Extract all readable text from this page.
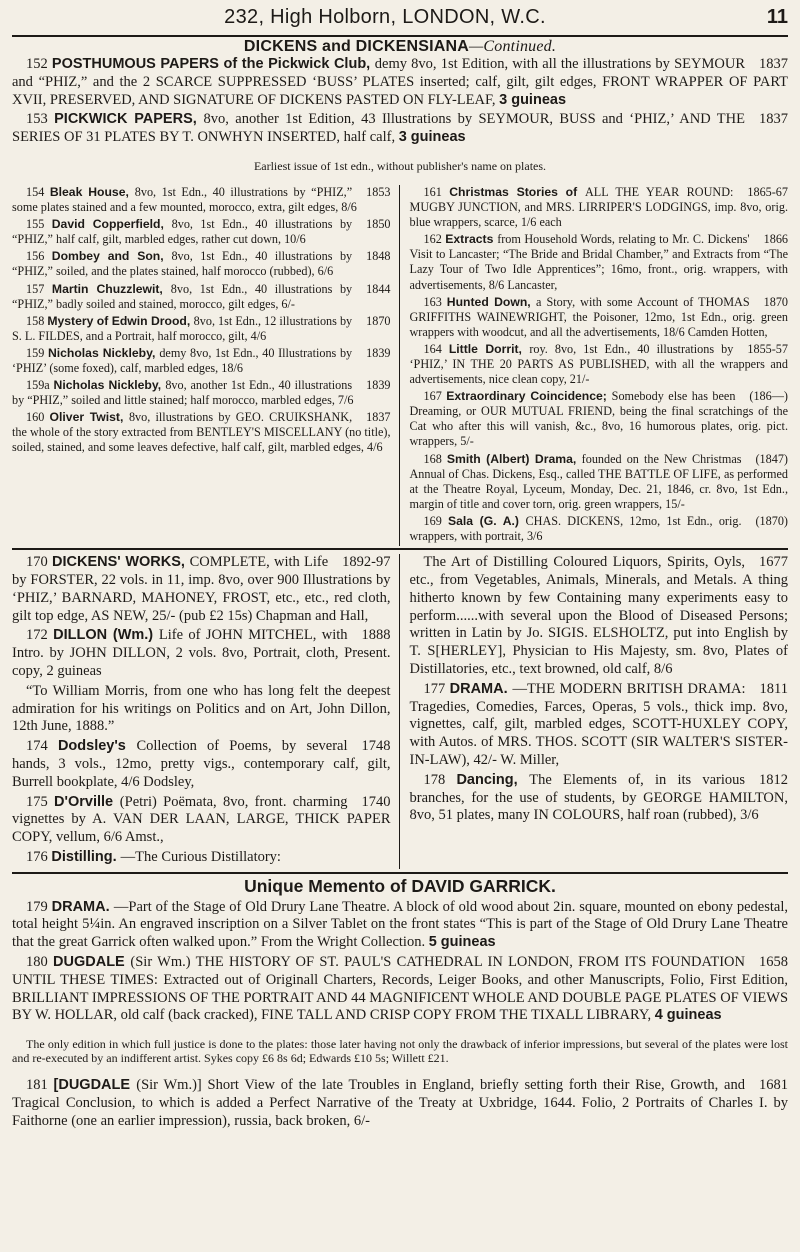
232, High Holborn, LONDON, W.C.	11
DICKENS and DICKENSIANA—Continued.

1837
152 POSTHUMOUS PAPERS of the Pickwick Club, demy 8vo, 1st Edition, with all the illustrations by SEYMOUR and “PHIZ,” and the 2 SCARCE SUPPRESSED ‘BUSS’ PLATES inserted; calf, gilt, gilt edges, FRONT WRAPPER OF PART XVII, PRESERVED, AND SIGNATURE OF DICKENS PASTED ON FLY-LEAF, 3 guineas

1837
153 PICKWICK PAPERS, 8vo, another 1st Edition, 43 Illustrations by SEYMOUR, BUSS and ‘PHIZ,’ AND THE SERIES OF 31 PLATES BY T. ONWHYN INSERTED, half calf, 3 guineas

Earliest issue of 1st edn., without publisher's name on plates.

1853
154 Bleak House, 8vo, 1st Edn., 40 illustrations by “PHIZ,” some plates stained and a few mounted, morocco, extra, gilt edges, 8/6

1850
155 David Copperfield, 8vo, 1st Edn., 40 illustrations by “PHIZ,” half calf, gilt, marbled edges, rather cut down, 10/6

1848
156 Dombey and Son, 8vo, 1st Edn., 40 illustrations by “PHIZ,” soiled, and the plates stained, half morocco (rubbed), 6/6

1844
157 Martin Chuzzlewit, 8vo, 1st Edn., 40 illustrations by “PHIZ,” badly soiled and stained, morocco, gilt edges, 6/-

1870
158 Mystery of Edwin Drood, 8vo, 1st Edn., 12 illustrations by S. L. FILDES, and a Portrait, half morocco, gilt, 4/6

1839
159 Nicholas Nickleby, demy 8vo, 1st Edn., 40 Illustrations by ‘PHIZ’ (some foxed), calf, marbled edges, 18/6

1839
159a Nicholas Nickleby, 8vo, another 1st Edn., 40 illustrations by “PHIZ,” soiled and little stained; half morocco, marbled edges, 7/6

1837
160 Oliver Twist, 8vo, illustrations by GEO. CRUIKSHANK, the whole of the story extracted from BENTLEY'S MISCELLANY (no title), soiled, stained, and some leaves defective, half calf, gilt, marbled edges, 4/6

1865-67
161 Christmas Stories of ALL THE YEAR ROUND: MUGBY JUNCTION, and MRS. LIRRIPER'S LODGINGS, imp. 8vo, orig. blue wrappers, scarce, 1/6 each

1866
162 Extracts from Household Words, relating to Mr. C. Dickens' Visit to Lancaster; “The Bride and Bridal Chamber,” and Extracts from “The Lazy Tour of Two Idle Apprentices”; 16mo, front., orig. wrappers, with advertisements, 8/6 Lancaster,

1870
163 Hunted Down, a Story, with some Account of THOMAS GRIFFITHS WAINEWRIGHT, the Poisoner, 12mo, 1st Edn., orig. green wrappers with woodcut, and all the advertisements, 18/6 Camden Hotten,

1855-57
164 Little Dorrit, roy. 8vo, 1st Edn., 40 illustrations by ‘PHIZ,’ IN THE 20 PARTS AS PUBLISHED, with all the wrappers and advertisements, nice clean copy, 21/-

(186—)
167 Extraordinary Coincidence; Somebody else has been Dreaming, or OUR MUTUAL FRIEND, being the final scratchings of the Cat who after this will vanish, &c., 8vo, 16 humorous plates, orig. pict. wrappers, 5/-

(1847)
168 Smith (Albert) Drama, founded on the New Christmas Annual of Chas. Dickens, Esq., called THE BATTLE OF LIFE, as performed at the Theatre Royal, Lyceum, Monday, Dec. 21, 1846, cr. 8vo, 1st Edn., margin of title and cover torn, orig. green wrappers, 15/-

(1870)
169 Sala (G. A.) CHAS. DICKENS, 12mo, 1st Edn., orig. wrappers, with portrait, 3/6

1892-97
170 DICKENS' WORKS, COMPLETE, with Life by FORSTER, 22 vols. in 11, imp. 8vo, over 900 Illustrations by ‘PHIZ,’ BARNARD, MAHONEY, FROST, etc., etc., red cloth, gilt top edge, AS NEW, 25/- (pub £2 15s) Chapman and Hall,

1888
172 DILLON (Wm.) Life of JOHN MITCHEL, with Intro. by JOHN DILLON, 2 vols. 8vo, Portrait, cloth, Present. copy, 2 guineas

“To William Morris, from one who has long felt the deepest admiration for his writings on Politics and on Art, John Dillon, 12th June, 1888.”

1748
174 Dodsley's Collection of Poems, by several hands, 3 vols., 12mo, pretty vigs., contemporary calf, gilt, Burrell bookplate, 4/6 Dodsley,

1740
175 D'Orville (Petri) Poëmata, 8vo, front. charming vignettes by A. VAN DER LAAN, LARGE, THICK PAPER COPY, vellum, 6/6 Amst.,

176 Distilling. —The Curious Distillatory:

1677
The Art of Distilling Coloured Liquors, Spirits, Oyls, etc., from Vegetables, Animals, Minerals, and Metals. A thing hitherto known by few Containing many experiments easy to perform......with several upon the Blood of Diseased Persons; written in Latin by Jo. SIGIS. ELSHOLTZ, put into English by T. S[HERLEY], Physician to His Majesty, sm. 8vo, Plates of Distillatories, etc., text browned, old calf, 8/6

1811
177 DRAMA. —THE MODERN BRITISH DRAMA: Tragedies, Comedies, Farces, Operas, 5 vols., thick imp. 8vo, vignettes, calf, gilt, marbled edges, SCOTT-HUXLEY COPY, with Autos. of MRS. THOS. SCOTT (SIR WALTER'S SISTER-IN-LAW), 42/- W. Miller,

1812
178 Dancing, The Elements of, in its various branches, for the use of students, by GEORGE HAMILTON, 8vo, 51 plates, many IN COLOURS, half roan (rubbed), 3/6

Unique Memento of DAVID GARRICK.

179 DRAMA. —Part of the Stage of Old Drury Lane Theatre. A block of old wood about 2in. square, mounted on ebony pedestal, total height 5¼in. An engraved inscription on a Silver Tablet on the front states “This is part of the Stage of Old Drury Lane Theatre that the great Garrick often walked upon.” From the Wright Collection. 5 guineas

1658
180 DUGDALE (Sir Wm.) THE HISTORY OF ST. PAUL'S CATHEDRAL IN LONDON, FROM ITS FOUNDATION UNTIL THESE TIMES: Extracted out of Originall Charters, Records, Leiger Books, and other Manuscripts, Folio, First Edition, BRILLIANT IMPRESSIONS OF THE PORTRAIT AND 44 MAGNIFICENT WHOLE AND DOUBLE PAGE PLATES OF VIEWS BY W. HOLLAR, old calf (back cracked), FINE TALL AND CRISP COPY FROM THE TIXALL LIBRARY, 4 guineas

The only edition in which full justice is done to the plates: those later having not only the drawback of inferior impressions, but several of the plates were lost and re-executed by an indifferent artist. Sykes copy £6 8s 6d; Edwards £10 5s; Willett £21.

1681
181 [DUGDALE (Sir Wm.)] Short View of the late Troubles in England, briefly setting forth their Rise, Growth, and Tragical Conclusion, to which is added a Perfect Narrative of the Treaty at Uxbridge, 1644. Folio, 2 Portraits of Charles I. by Faithorne (one an earlier impression), russia, back broken, 6/-
